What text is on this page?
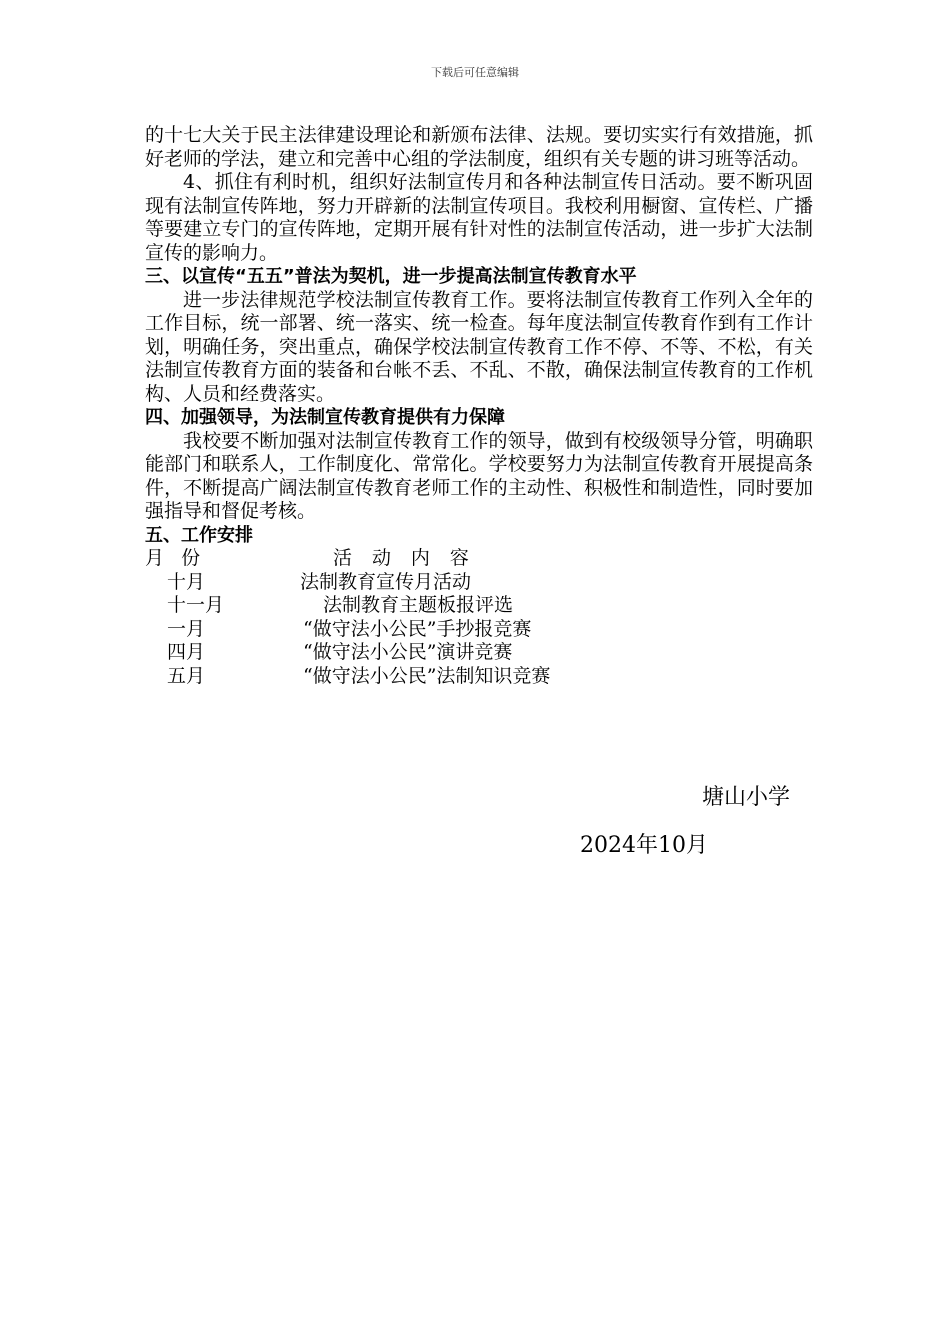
下载后可任意编辑

的十七大关于民主法律建设理论和新颁布法律、法规。要切实实行有效措施，抓好老师的学法，建立和完善中心组的学法制度，组织有关专题的讲习班等活动。

4、抓住有利时机，组织好法制宣传月和各种法制宣传日活动。要不断巩固现有法制宣传阵地，努力开辟新的法制宣传项目。我校利用橱窗、宣传栏、广播等要建立专门的宣传阵地，定期开展有针对性的法制宣传活动，进一步扩大法制宣传的影响力。

三、以宣传“五五”普法为契机，进一步提高法制宣传教育水平

进一步法律规范学校法制宣传教育工作。要将法制宣传教育工作列入全年的工作目标，统一部署、统一落实、统一检查。每年度法制宣传教育作到有工作计划，明确任务，突出重点，确保学校法制宣传教育工作不停、不等、不松，有关法制宣传教育方面的装备和台帐不丢、不乱、不散，确保法制宣传教育的工作机构、人员和经费落实。

四、加强领导，为法制宣传教育提供有力保障

我校要不断加强对法制宣传教育工作的领导，做到有校级领导分管，明确职能部门和联系人，工作制度化、常常化。学校要努力为法制宣传教育开展提高条件，不断提高广阔法制宣传教育老师工作的主动性、积极性和制造性，同时要加强指导和督促考核。

五、工作安排

月份	活动内容
十月	法制教育宣传月活动
十一月	法制教育主题板报评选
一月	“做守法小公民”手抄报竞赛
四月	“做守法小公民”演讲竞赛
五月	“做守法小公民”法制知识竞赛
塘山小学
2024年10月
